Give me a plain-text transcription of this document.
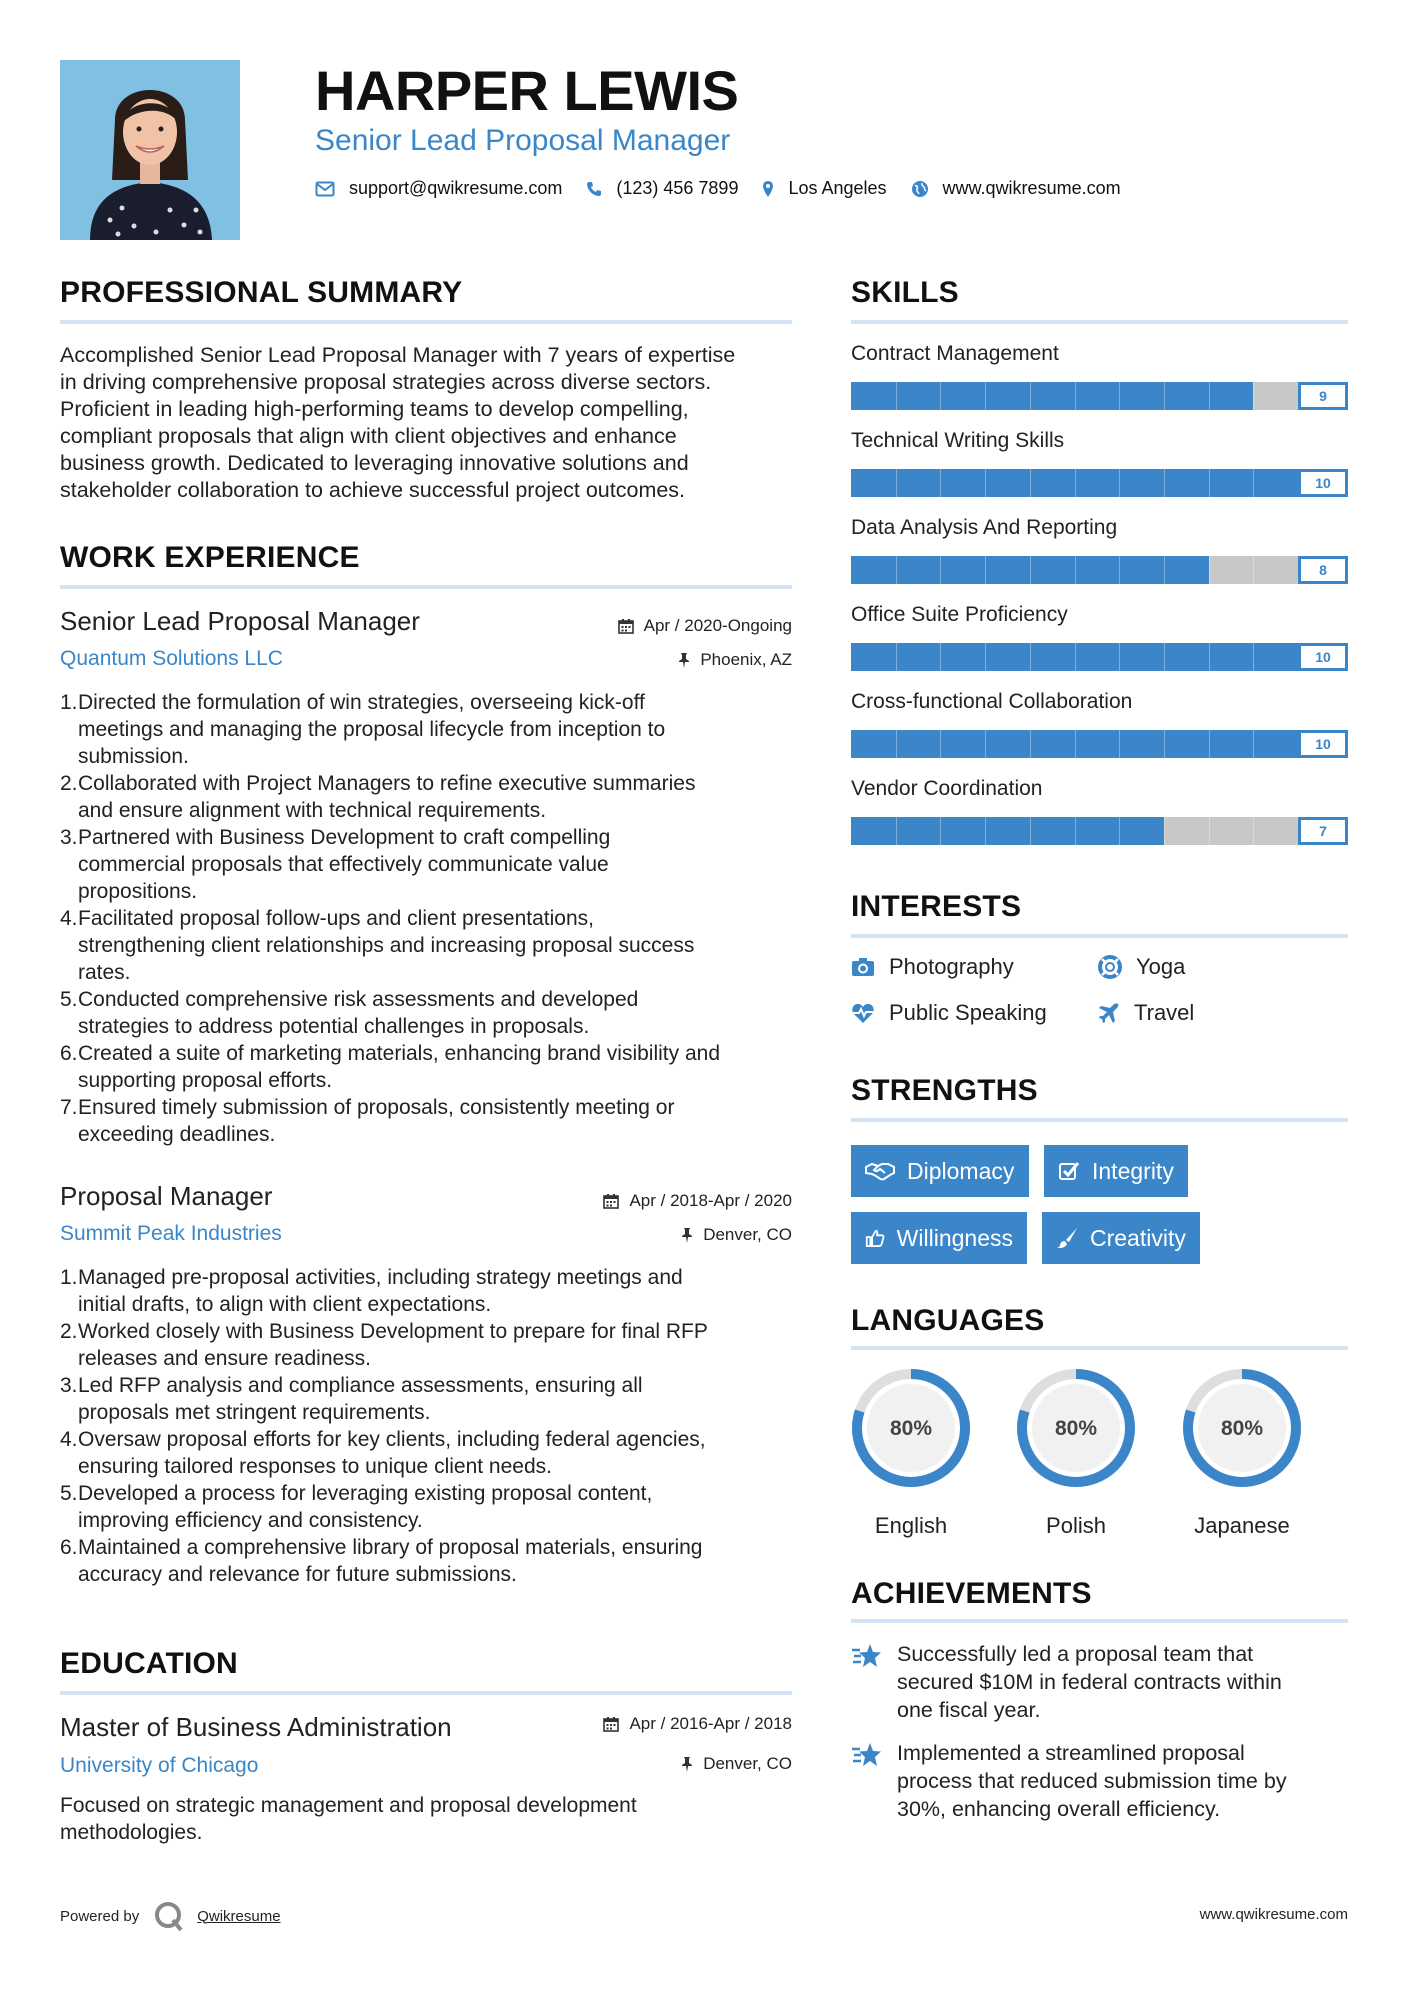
HARPER LEWIS
Senior Lead Proposal Manager
support@qwikresume.com	(123) 456 7899	Los Angeles	www.qwikresume.com
PROFESSIONAL SUMMARY
Accomplished Senior Lead Proposal Manager with 7 years of expertise
in driving comprehensive proposal strategies across diverse sectors.
Proficient in leading high-performing teams to develop compelling,
compliant proposals that align with client objectives and enhance
business growth. Dedicated to leveraging innovative solutions and
stakeholder collaboration to achieve successful project outcomes.
WORK EXPERIENCE
Senior Lead Proposal Manager
Quantum Solutions LLC
Apr / 2020-Ongoing
Phoenix, AZ
1. Directed the formulation of win strategies, overseeing kick-off
meetings and managing the proposal lifecycle from inception to
submission.
2. Collaborated with Project Managers to refine executive summaries
and ensure alignment with technical requirements.
3. Partnered with Business Development to craft compelling
commercial proposals that effectively communicate value
propositions.
4. Facilitated proposal follow-ups and client presentations,
strengthening client relationships and increasing proposal success
rates.
5. Conducted comprehensive risk assessments and developed
strategies to address potential challenges in proposals.
6. Created a suite of marketing materials, enhancing brand visibility and
supporting proposal efforts.
7. Ensured timely submission of proposals, consistently meeting or
exceeding deadlines.
Proposal Manager
Summit Peak Industries
Apr / 2018-Apr / 2020
Denver, CO
1. Managed pre-proposal activities, including strategy meetings and
initial drafts, to align with client expectations.
2. Worked closely with Business Development to prepare for final RFP
releases and ensure readiness.
3. Led RFP analysis and compliance assessments, ensuring all
proposals met stringent requirements.
4. Oversaw proposal efforts for key clients, including federal agencies,
ensuring tailored responses to unique client needs.
5. Developed a process for leveraging existing proposal content,
improving efficiency and consistency.
6. Maintained a comprehensive library of proposal materials, ensuring
accuracy and relevance for future submissions.
EDUCATION
Master of Business Administration
University of Chicago
Apr / 2016-Apr / 2018
Denver, CO
Focused on strategic management and proposal development
methodologies.
SKILLS
Contract Management
9
Technical Writing Skills
10
Data Analysis And Reporting
8
Office Suite Proficiency
10
Cross-functional Collaboration
10
Vendor Coordination
7
INTERESTS
Photography	Yoga
Public Speaking	Travel
STRENGTHS
Diplomacy	Integrity
Willingness	Creativity
LANGUAGES
80%
English
80%
Polish
80%
Japanese
ACHIEVEMENTS
Successfully led a proposal team that
secured $10M in federal contracts within
one fiscal year.
Implemented a streamlined proposal
process that reduced submission time by
30%, enhancing overall efficiency.
Powered by	Qwikresume	www.qwikresume.com
